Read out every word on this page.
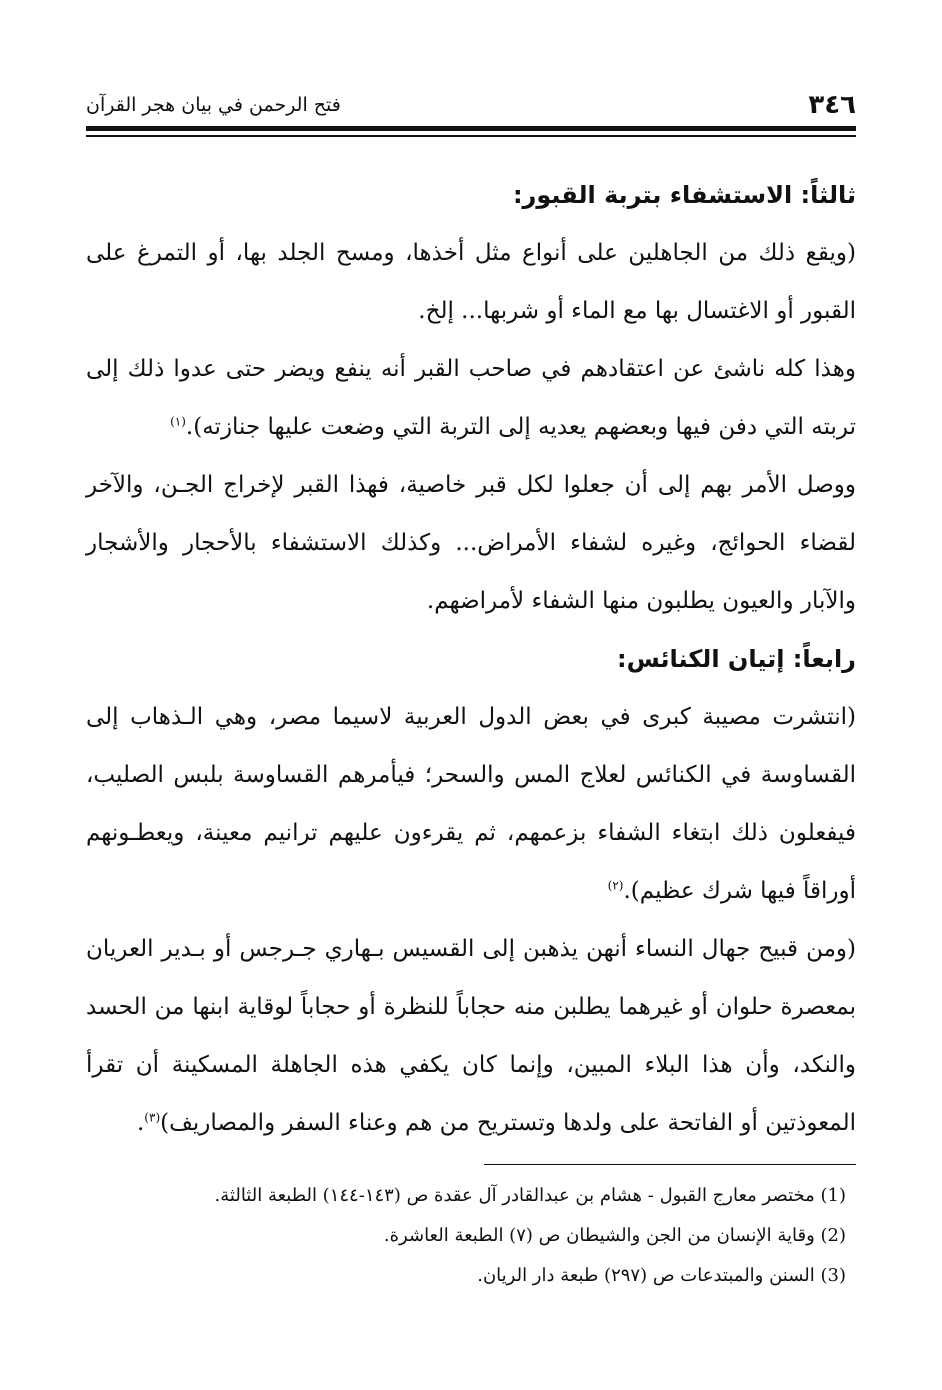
٣٤٦
فتح الرحمن في بيان هجر القرآن
ثالثاً: الاستشفاء بتربة القبور:

(ويقع ذلك من الجاهلين على أنواع مثل أخذها، ومسح الجلد بها، أو التمرغ على القبور أو الاغتسال بها مع الماء أو شربها... إلخ.

وهذا كله ناشئ عن اعتقادهم في صاحب القبر أنه ينفع ويضر حتى عدوا ذلك إلى تربته التي دفن فيها وبعضهم يعديه إلى التربة التي وضعت عليها جنازته).$^{(١)}$

ووصل الأمر بهم إلى أن جعلوا لكل قبر خاصية، فهذا القبر لإخراج الجـن، والآخر لقضاء الحوائج، وغيره لشفاء الأمراض... وكذلك الاستشفاء بالأحجار والأشجار والآبار والعيون يطلبون منها الشفاء لأمراضهم.

رابعاً: إتيان الكنائس:

(انتشرت مصيبة كبرى في بعض الدول العربية لاسيما مصر، وهي الـذهاب إلى القساوسة في الكنائس لعلاج المس والسحر؛ فيأمرهم القساوسة بلبس الصليب، فيفعلون ذلك ابتغاء الشفاء بزعمهم، ثم يقرءون عليهم ترانيم معينة، ويعطـونهم أوراقاً فيها شرك عظيم).$^{(٢)}$

(ومن قبيح جهال النساء أنهن يذهبن إلى القسيس بـهاري جـرجس أو بـدير العريان بمعصرة حلوان أو غيرهما يطلبن منه حجاباً للنظرة أو حجاباً لوقاية ابنها من الحسد والنكد، وأن هذا البلاء المبين، وإنما كان يكفي هذه الجاهلة المسكينة أن تقرأ المعوذتين أو الفاتحة على ولدها وتستريح من هم وعناء السفر والمصاريف)$^{(٣)}$.

(1) مختصر معارج القبول - هشام بن عبدالقادر آل عقدة ص (١٤٣-١٤٤) الطبعة الثالثة.

(2) وقاية الإنسان من الجن والشيطان ص (٧) الطبعة العاشرة.

(3) السنن والمبتدعات ص (٢٩٧) طبعة دار الريان.
